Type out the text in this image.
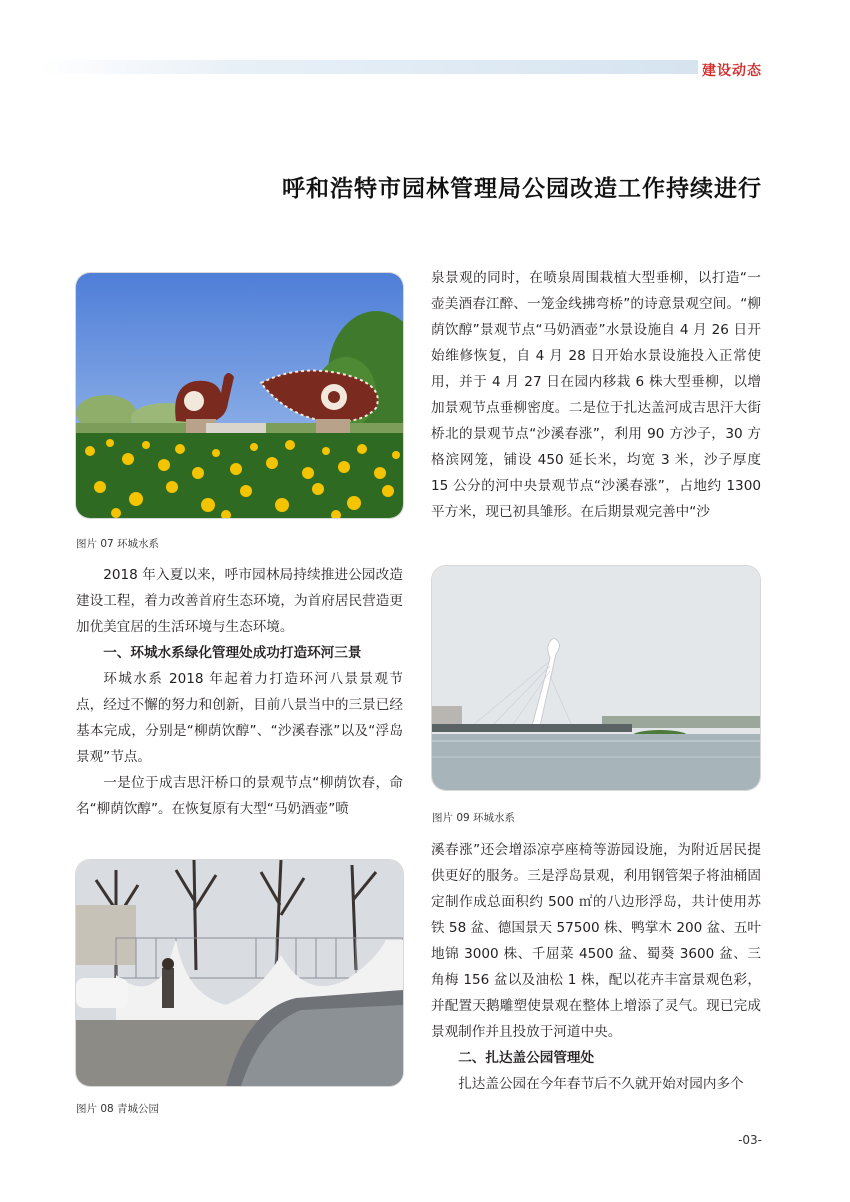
建设动态
呼和浩特市园林管理局公园改造工作持续进行
图片 07 环城水系

2018 年入夏以来，呼市园林局持续推进公园改造建设工程，着力改善首府生态环境，为首府居民营造更加优美宜居的生活环境与生态环境。

一、环城水系绿化管理处成功打造环河三景

环城水系 2018 年起着力打造环河八景景观节点，经过不懈的努力和创新，目前八景当中的三景已经基本完成，分别是“柳荫饮醇”、“沙溪春涨”以及“浮岛景观”节点。

一是位于成吉思汗桥口的景观节点“柳荫饮春，命名“柳荫饮醇”。在恢复原有大型“马奶酒壶”喷

图片 08 青城公园

泉景观的同时，在喷泉周围栽植大型垂柳，以打造“一壶美酒春江醉、一笼金线拂弯桥”的诗意景观空间。“柳荫饮醇”景观节点“马奶酒壶”水景设施自 4 月 26 日开始维修恢复，自 4 月 28 日开始水景设施投入正常使用，并于 4 月 27 日在园内移栽 6 株大型垂柳，以增加景观节点垂柳密度。二是位于扎达盖河成吉思汗大街桥北的景观节点“沙溪春涨”，利用 90 方沙子，30 方格滨网笼，铺设 450 延长米，均宽 3 米，沙子厚度 15 公分的河中央景观节点“沙溪春涨”，占地约 1300 平方米，现已初具雏形。在后期景观完善中“沙

图片 09 环城水系

溪春涨”还会增添凉亭座椅等游园设施，为附近居民提供更好的服务。三是浮岛景观，利用钢管架子将油桶固定制作成总面积约 500 ㎡的八边形浮岛，共计使用苏铁 58 盆、德国景天 57500 株、鸭掌木 200 盆、五叶地锦 3000 株、千屈菜 4500 盆、蜀葵 3600 盆、三角梅 156 盆以及油松 1 株，配以花卉丰富景观色彩，并配置天鹅雕塑使景观在整体上增添了灵气。现已完成景观制作并且投放于河道中央。

二、扎达盖公园管理处

扎达盖公园在今年春节后不久就开始对园内多个

-03-
